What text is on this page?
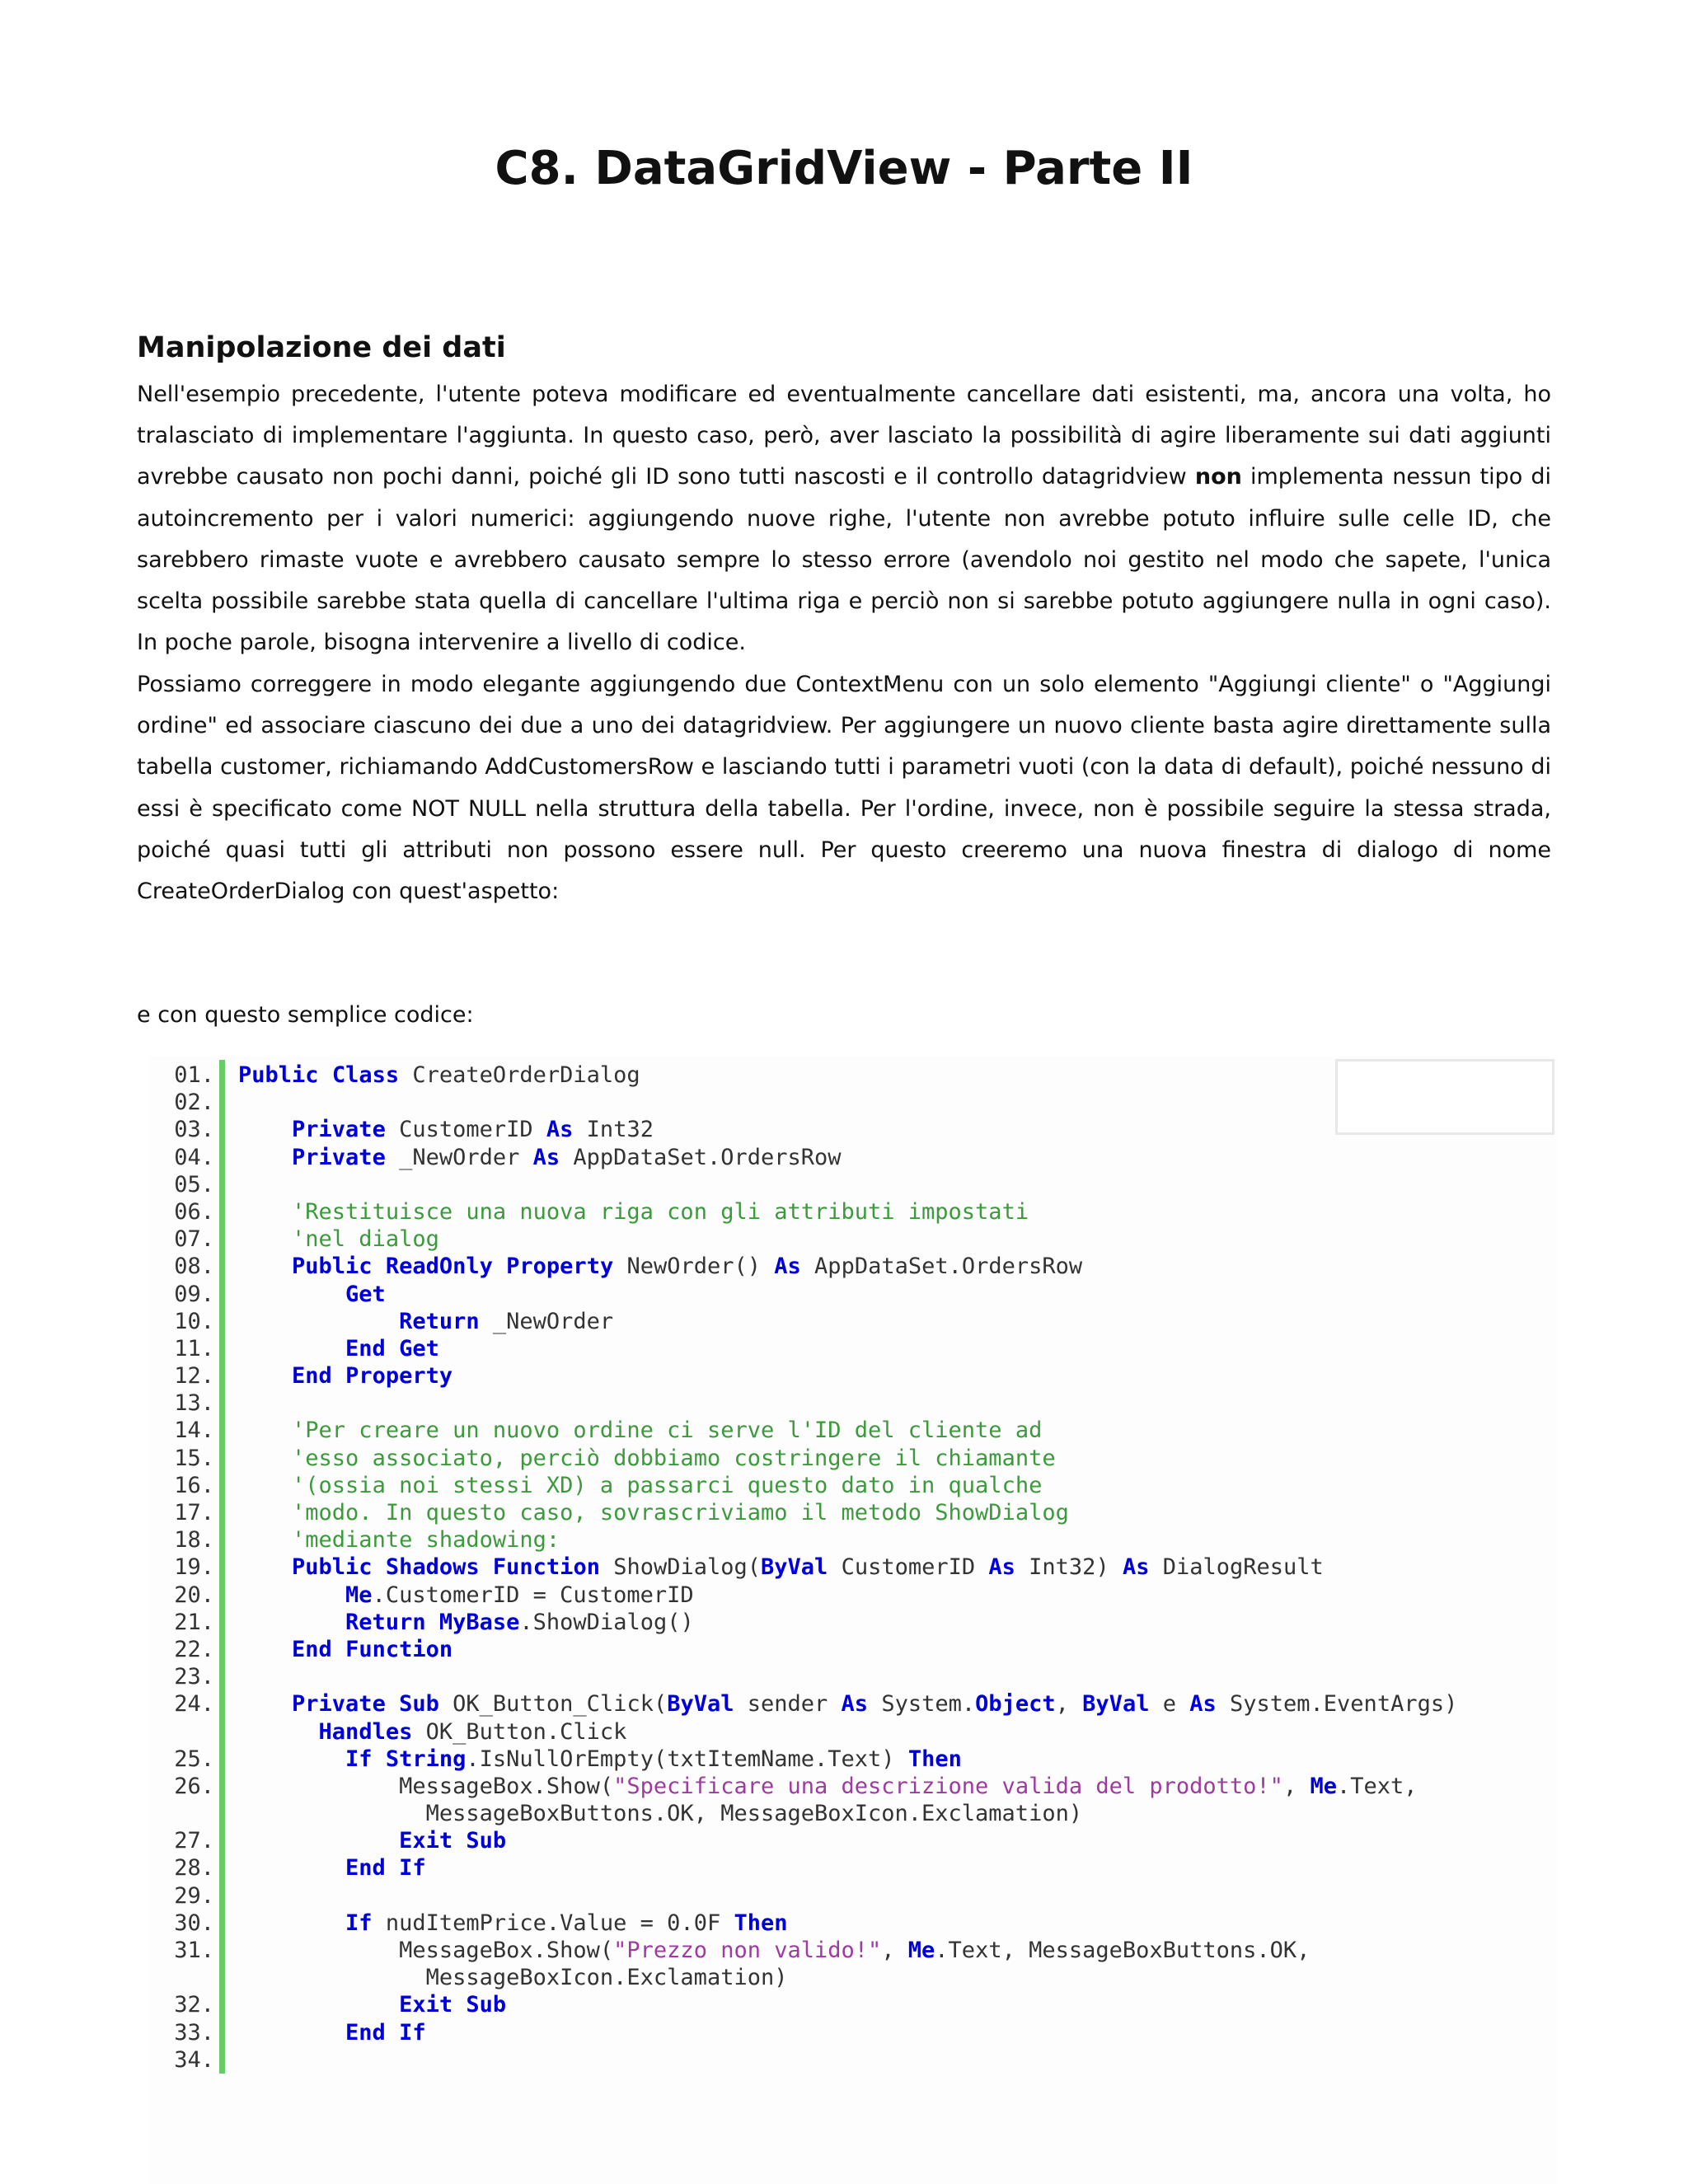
C8. DataGridView - Parte II
Manipolazione dei dati
Nell'esempio precedente, l'utente poteva modificare ed eventualmente cancellare dati esistenti, ma, ancora una volta, ho tralasciato di implementare l'aggiunta. In questo caso, però, aver lasciato la possibilità di agire liberamente sui dati aggiunti avrebbe causato non pochi danni, poiché gli ID sono tutti nascosti e il controllo datagridview non implementa nessun tipo di autoincremento per i valori numerici: aggiungendo nuove righe, l'utente non avrebbe potuto influire sulle celle ID, che sarebbero rimaste vuote e avrebbero causato sempre lo stesso errore (avendolo noi gestito nel modo che sapete, l'unica scelta possibile sarebbe stata quella di cancellare l'ultima riga e perciò non si sarebbe potuto aggiungere nulla in ogni caso). In poche parole, bisogna intervenire a livello di codice.
Possiamo correggere in modo elegante aggiungendo due ContextMenu con un solo elemento "Aggiungi cliente" o "Aggiungi ordine" ed associare ciascuno dei due a uno dei datagridview. Per aggiungere un nuovo cliente basta agire direttamente sulla tabella customer, richiamando AddCustomersRow e lasciando tutti i parametri vuoti (con la data di default), poiché nessuno di essi è specificato come NOT NULL nella struttura della tabella. Per l'ordine, invece, non è possibile seguire la stessa strada, poiché quasi tutti gli attributi non possono essere null. Per questo creeremo una nuova finestra di dialogo di nome CreateOrderDialog con quest'aspetto:
e con questo semplice codice:
01.
02.
03.
04.
05.
06.
07.
08.
09.
10.
11.
12.
13.
14.
15.
16.
17.
18.
19.
20.
21.
22.
23.
24.
25.
26.
27.
28.
29.
30.
31.
32.
33.
34.
Public Class CreateOrderDialog

Private CustomerID As Int32
Private _NewOrder As AppDataSet.OrdersRow

'Restituisce una nuova riga con gli attributi impostati
'nel dialog
Public ReadOnly Property NewOrder() As AppDataSet.OrdersRow
Get
Return _NewOrder
End Get
End Property

'Per creare un nuovo ordine ci serve l'ID del cliente ad
'esso associato, perciò dobbiamo costringere il chiamante
'(ossia noi stessi XD) a passarci questo dato in qualche
'modo. In questo caso, sovrascriviamo il metodo ShowDialog
'mediante shadowing:
Public Shadows Function ShowDialog(ByVal CustomerID As Int32) As DialogResult
Me.CustomerID = CustomerID
Return MyBase.ShowDialog()
End Function

Private Sub OK_Button_Click(ByVal sender As System.Object, ByVal e As System.EventArgs)
Handles OK_Button.Click
If String.IsNullOrEmpty(txtItemName.Text) Then
MessageBox.Show("Specificare una descrizione valida del prodotto!", Me.Text,
MessageBoxButtons.OK, MessageBoxIcon.Exclamation)
Exit Sub
End If

If nudItemPrice.Value = 0.0F Then
MessageBox.Show("Prezzo non valido!", Me.Text, MessageBoxButtons.OK,
MessageBoxIcon.Exclamation)
Exit Sub
End If
